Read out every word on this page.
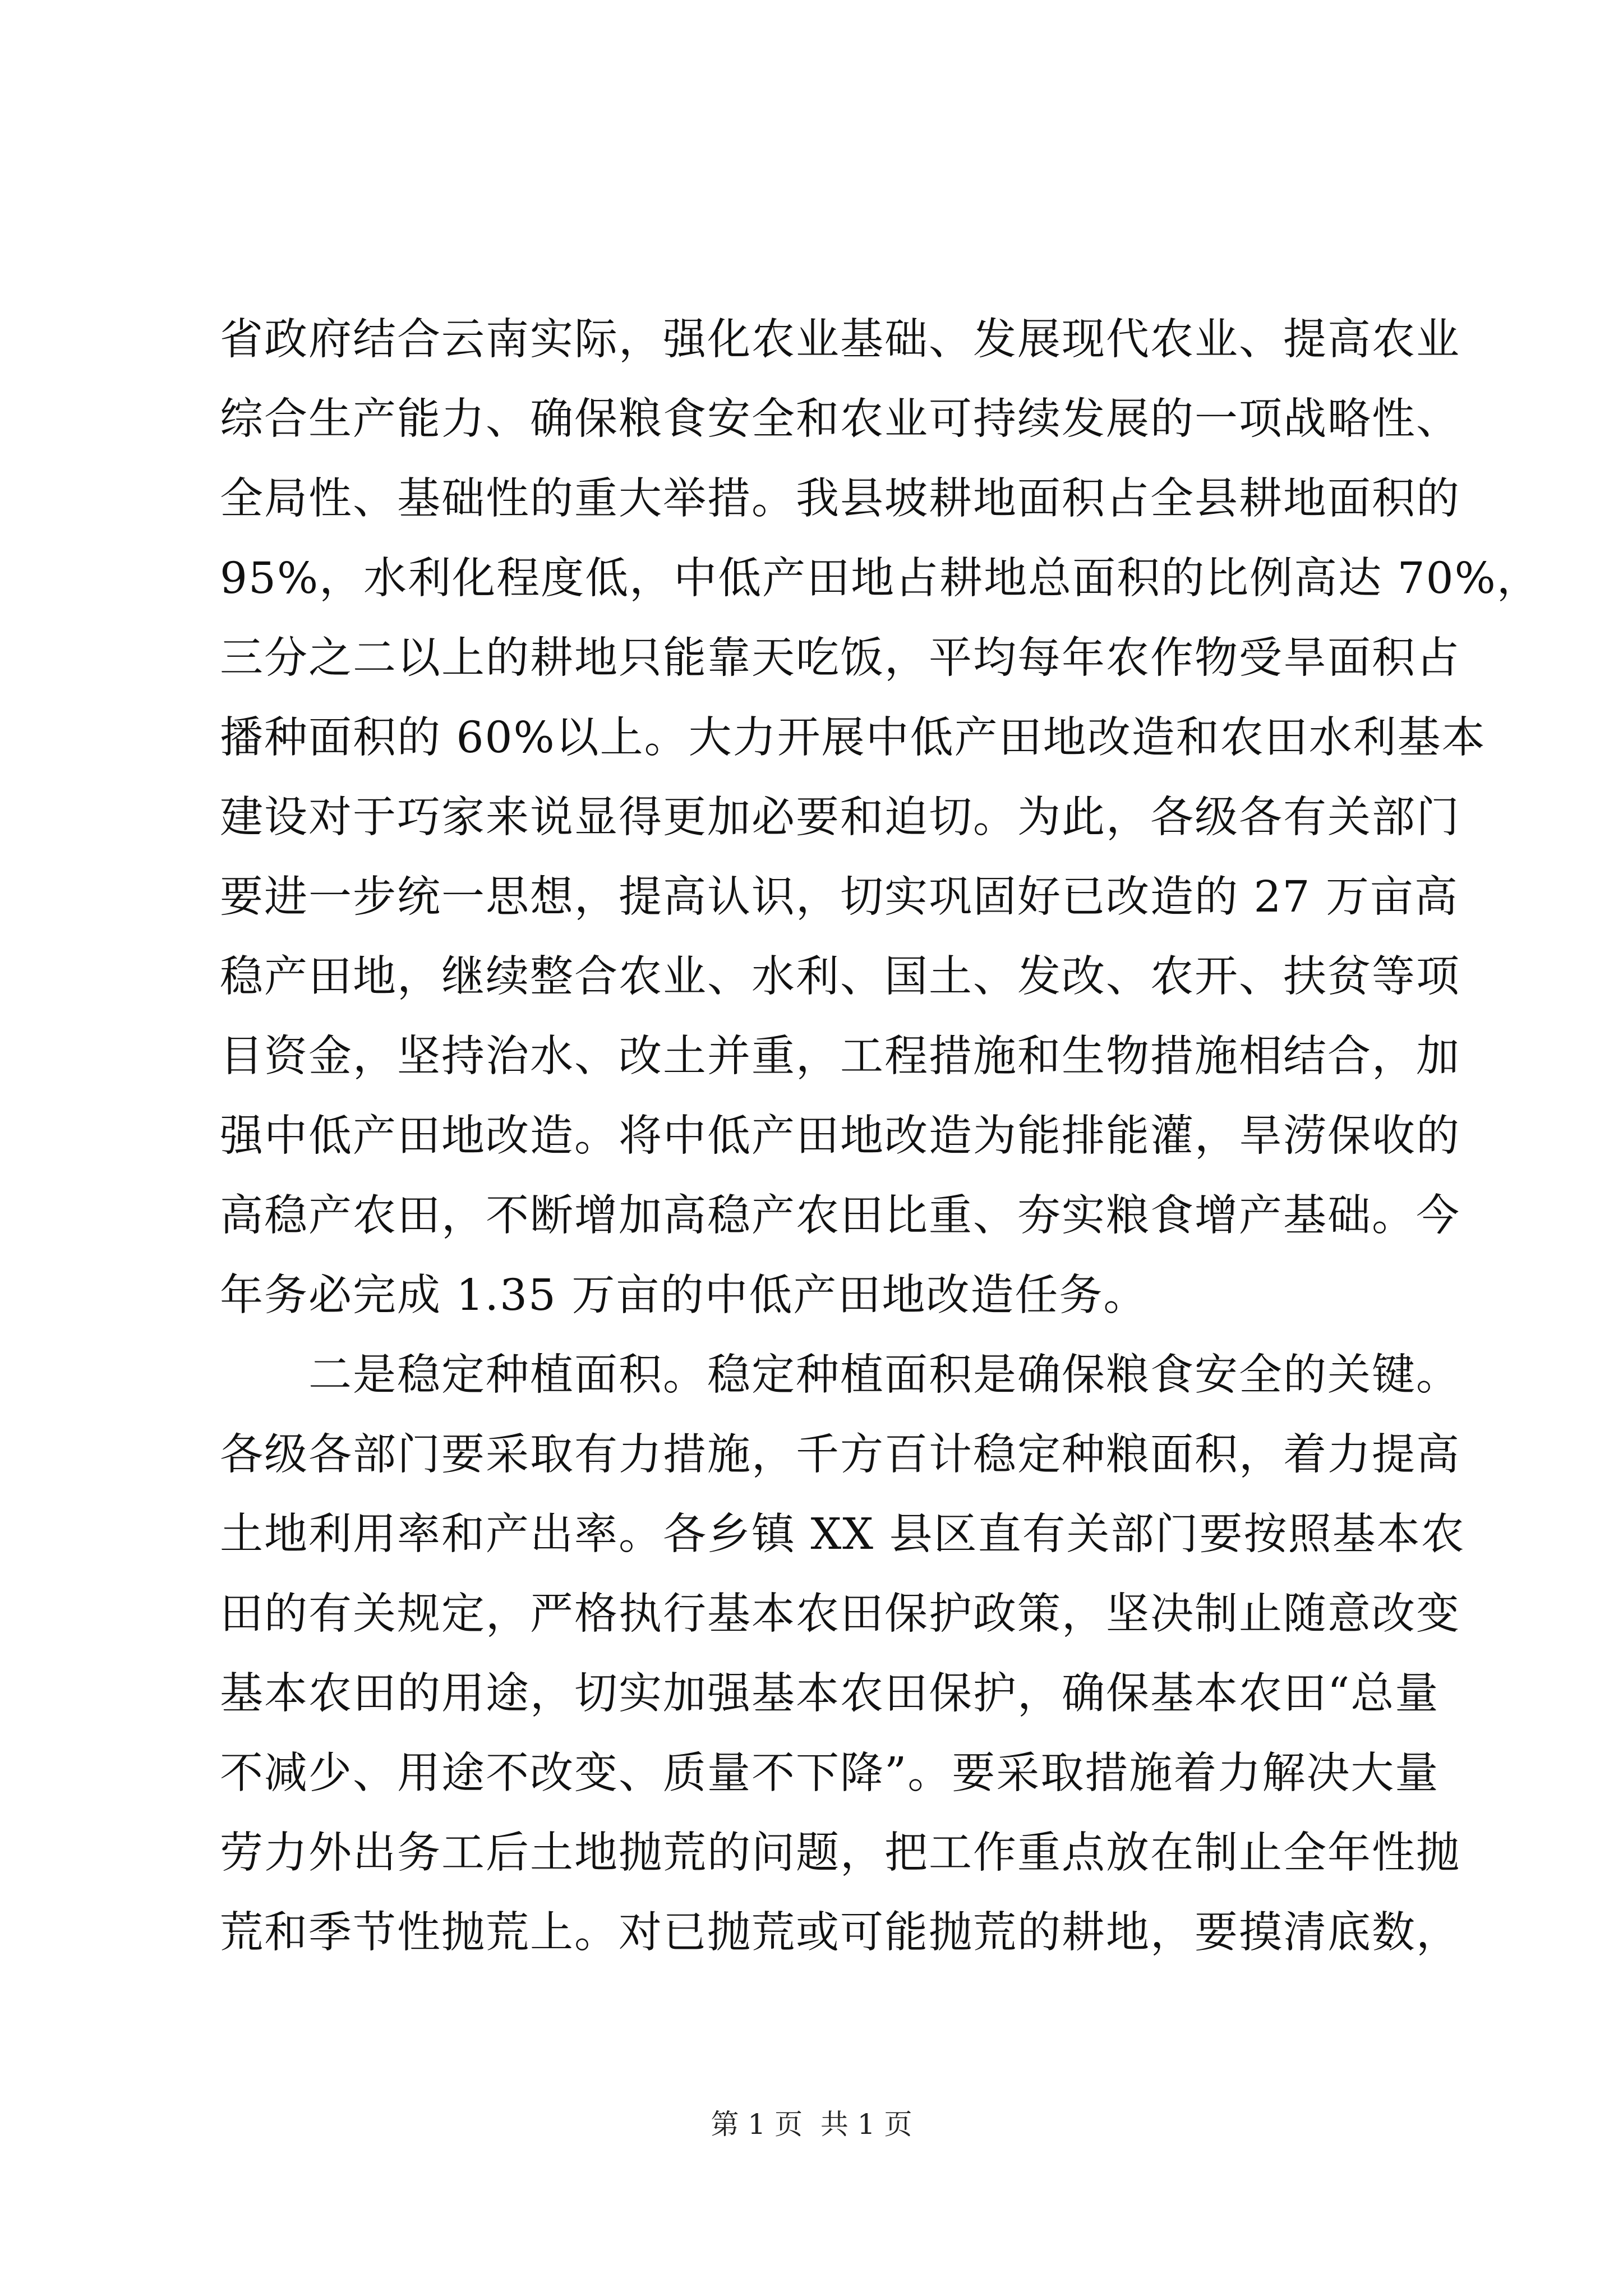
省政府结合云南实际，强化农业基础、发展现代农业、提高农业
综合生产能力、确保粮食安全和农业可持续发展的一项战略性、
全局性、基础性的重大举措。我县坡耕地面积占全县耕地面积的
95%，水利化程度低，中低产田地占耕地总面积的比例高达 70%，
三分之二以上的耕地只能靠天吃饭，平均每年农作物受旱面积占
播种面积的 60%以上。大力开展中低产田地改造和农田水利基本
建设对于巧家来说显得更加必要和迫切。为此，各级各有关部门
要进一步统一思想，提高认识，切实巩固好已改造的 27 万亩高
稳产田地，继续整合农业、水利、国土、发改、农开、扶贫等项
目资金，坚持治水、改土并重，工程措施和生物措施相结合，加
强中低产田地改造。将中低产田地改造为能排能灌，旱涝保收的
高稳产农田，不断增加高稳产农田比重、夯实粮食增产基础。今
年务必完成 1.35 万亩的中低产田地改造任务。
　　二是稳定种植面积。稳定种植面积是确保粮食安全的关键。
各级各部门要采取有力措施，千方百计稳定种粮面积，着力提高
土地利用率和产出率。各乡镇 XX 县区直有关部门要按照基本农
田的有关规定，严格执行基本农田保护政策，坚决制止随意改变
基本农田的用途，切实加强基本农田保护，确保基本农田“总量
不减少、用途不改变、质量不下降”。要采取措施着力解决大量
劳力外出务工后土地抛荒的问题，把工作重点放在制止全年性抛
荒和季节性抛荒上。对已抛荒或可能抛荒的耕地，要摸清底数，
第 1 页  共 1 页
